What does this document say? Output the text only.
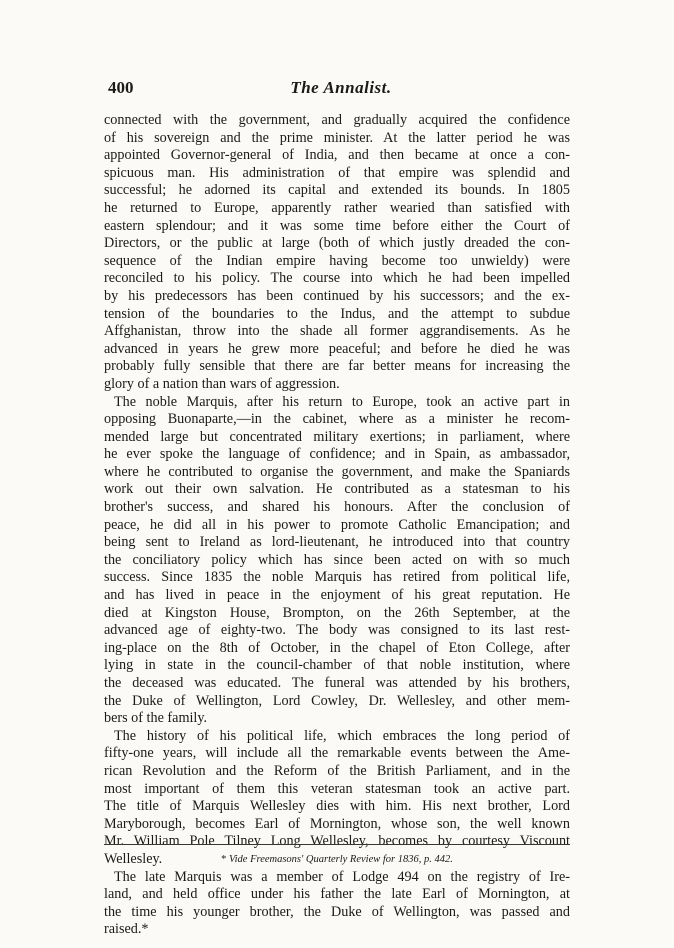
400	The Annalist.
connected with the government, and gradually acquired the confidence
of his sovereign and the prime minister. At the latter period he was
appointed Governor-general of India, and then became at once a con-
spicuous man. His administration of that empire was splendid and
successful; he adorned its capital and extended its bounds. In 1805
he returned to Europe, apparently rather wearied than satisfied with
eastern splendour; and it was some time before either the Court of
Directors, or the public at large (both of which justly dreaded the con-
sequence of the Indian empire having become too unwieldy) were
reconciled to his policy. The course into which he had been impelled
by his predecessors has been continued by his successors; and the ex-
tension of the boundaries to the Indus, and the attempt to subdue
Affghanistan, throw into the shade all former aggrandisements. As he
advanced in years he grew more peaceful; and before he died he was
probably fully sensible that there are far better means for increasing the
glory of a nation than wars of aggression.
The noble Marquis, after his return to Europe, took an active part in
opposing Buonaparte,—in the cabinet, where as a minister he recom-
mended large but concentrated military exertions; in parliament, where
he ever spoke the language of confidence; and in Spain, as ambassador,
where he contributed to organise the government, and make the Spaniards
work out their own salvation. He contributed as a statesman to his
brother's success, and shared his honours. After the conclusion of
peace, he did all in his power to promote Catholic Emancipation; and
being sent to Ireland as lord-lieutenant, he introduced into that country
the conciliatory policy which has since been acted on with so much
success. Since 1835 the noble Marquis has retired from political life,
and has lived in peace in the enjoyment of his great reputation. He
died at Kingston House, Brompton, on the 26th September, at the
advanced age of eighty-two. The body was consigned to its last rest-
ing-place on the 8th of October, in the chapel of Eton College, after
lying in state in the council-chamber of that noble institution, where
the deceased was educated. The funeral was attended by his brothers,
the Duke of Wellington, Lord Cowley, Dr. Wellesley, and other mem-
bers of the family.
The history of his political life, which embraces the long period of
fifty-one years, will include all the remarkable events between the Ame-
rican Revolution and the Reform of the British Parliament, and in the
most important of them this veteran statesman took an active part.
The title of Marquis Wellesley dies with him. His next brother, Lord
Maryborough, becomes Earl of Mornington, whose son, the well known
Mr. William Pole Tilney Long Wellesley, becomes by courtesy Viscount
Wellesley.
The late Marquis was a member of Lodge 494 on the registry of Ire-
land, and held office under his father the late Earl of Mornington, at
the time his younger brother, the Duke of Wellington, was passed and
raised.*
* Vide Freemasons' Quarterly Review for 1836, p. 442.
